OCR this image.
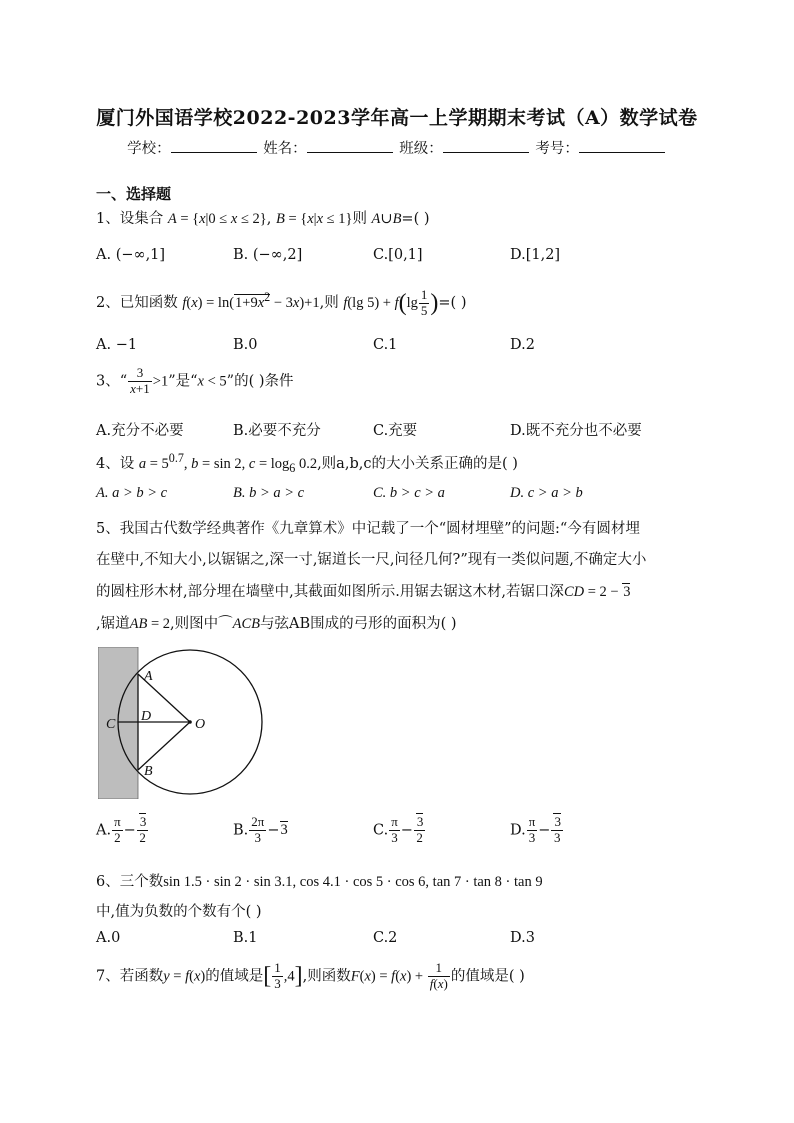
厦门外国语学校2022-2023学年高一上学期期末考试（A）数学试卷
学校：	姓名：	班级：	考号：
一、选择题
1、设集合 A = {x|0 ≤ x ≤ 2}, B = {x|x ≤ 1}则 A∪B=( )
A. (−∞,1]	B. (−∞,2]	C.[0,1]	D.[1,2]
2、已知函数 $f(x) = \ln(1+9x^2 - 3x)+1$,则 f(lg $5) + f(\lg \frac{1}{5}$ )=( )
A. −1	B.0	C.1	D.2
3、“ $\frac{3}{x+1} >1$”是“x < 5”的( )条件
A.充分不必要	B.必要不充分	C.充要	D.既不充分也不必要
4、设 $a = 5^{0.7}$, b = sin 2, $c = \log_6 0.2$,则a,b,c的大小关系正确的是( )
A. a > b > c	B. b > a > c	C. b > c > a	D. c > a > b
5、我国古代数学经典著作《九章算术》中记载了一个“圆材埋壁”的问题:“今有圆材埋
在壁中,不知大小,以锯锯之,深一寸,锯道长一尺,问径几何?”现有一类似问题,不确定大小
的圆柱形木材,部分埋在墙壁中,其截面如图所示.用锯去锯这木材,若锯口深CD = 2 − 3
,锯道AB = 2,则图中⌒ACB与弦AB围成的弓形的面积为( )
A
B
C
D
O
A. $\frac{\pi}{2} - \frac{3}{2}$	B. $\frac{2\pi}{3} -3$	C. $\frac{\pi}{3} - \frac{3}{2}$	D. $\frac{\pi}{3} - \frac{3}{3}$
6、三个数sin 1.5 · sin 2 · sin 3.1, cos 4.1 · cos 5 · cos 6, tan 7 · tan 8 · tan 9
中,值为负数的个数有个( )
A.0	B.1	C.2	D.3
7、若函数y = f(x)的值域是[ $\frac{1}{3} ,4$],则函数$F(x) = f(x) + \frac{1}{f(x)}$ 的值域是( )
